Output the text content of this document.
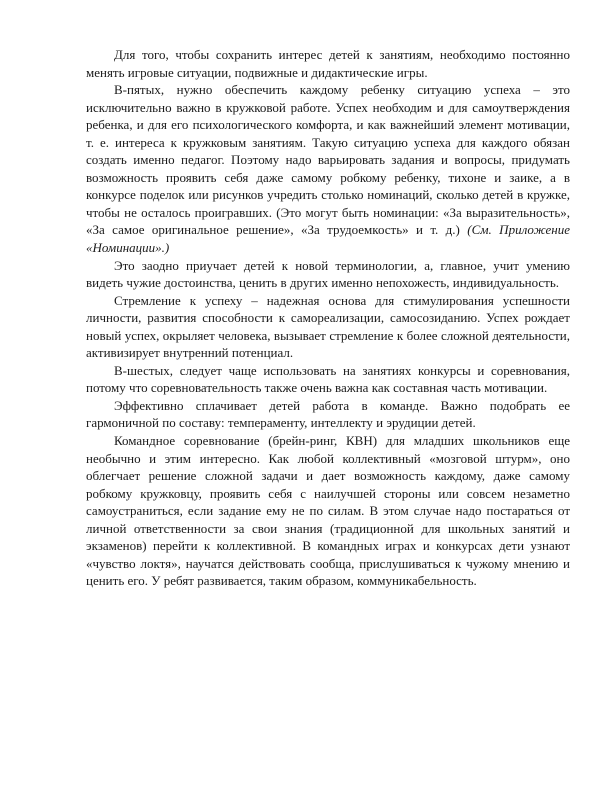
Для того, чтобы сохранить интерес детей к занятиям, необходимо постоянно менять игровые ситуации, подвижные и дидактические игры.

В-пятых, нужно обеспечить каждому ребенку ситуацию успеха – это исключительно важно в кружковой работе. Успех необходим и для самоутверждения ребенка, и для его психологического комфорта, и как важнейший элемент мотивации, т. е. интереса к кружковым занятиям. Такую ситуацию успеха для каждого обязан создать именно педагог. Поэтому надо варьировать задания и вопросы, придумать возможность проявить себя даже самому робкому ребенку, тихоне и заике, а в конкурсе поделок или рисунков учредить столько номинаций, сколько детей в кружке, чтобы не осталось проигравших. (Это могут быть номинации: «За выразительность», «За самое оригинальное решение», «За трудоемкость» и т. д.) (См. Приложение «Номинации».)

Это заодно приучает детей к новой терминологии, а, главное, учит умению видеть чужие достоинства, ценить в других именно непохожесть, индивидуальность.

Стремление к успеху – надежная основа для стимулирования успешности личности, развития способности к самореализации, самосозиданию. Успех рождает новый успех, окрыляет человека, вызывает стремление к более сложной деятельности, активизирует внутренний потенциал.

В-шестых, следует чаще использовать на занятиях конкурсы и соревнования, потому что соревновательность также очень важна как составная часть мотивации.

Эффективно сплачивает детей работа в команде. Важно подобрать ее гармоничной по составу: темпераменту, интеллекту и эрудиции детей.

Командное соревнование (брейн-ринг, КВН) для младших школьников еще необычно и этим интересно. Как любой коллективный «мозговой штурм», оно облегчает решение сложной задачи и дает возможность каждому, даже самому робкому кружковцу, проявить себя с наилучшей стороны или совсем незаметно самоустраниться, если задание ему не по силам. В этом случае надо постараться от личной ответственности за свои знания (традиционной для школьных занятий и экзаменов) перейти к коллективной. В командных играх и конкурсах дети узнают «чувство локтя», научатся действовать сообща, прислушиваться к чужому мнению и ценить его. У ребят развивается, таким образом, коммуникабельность.
